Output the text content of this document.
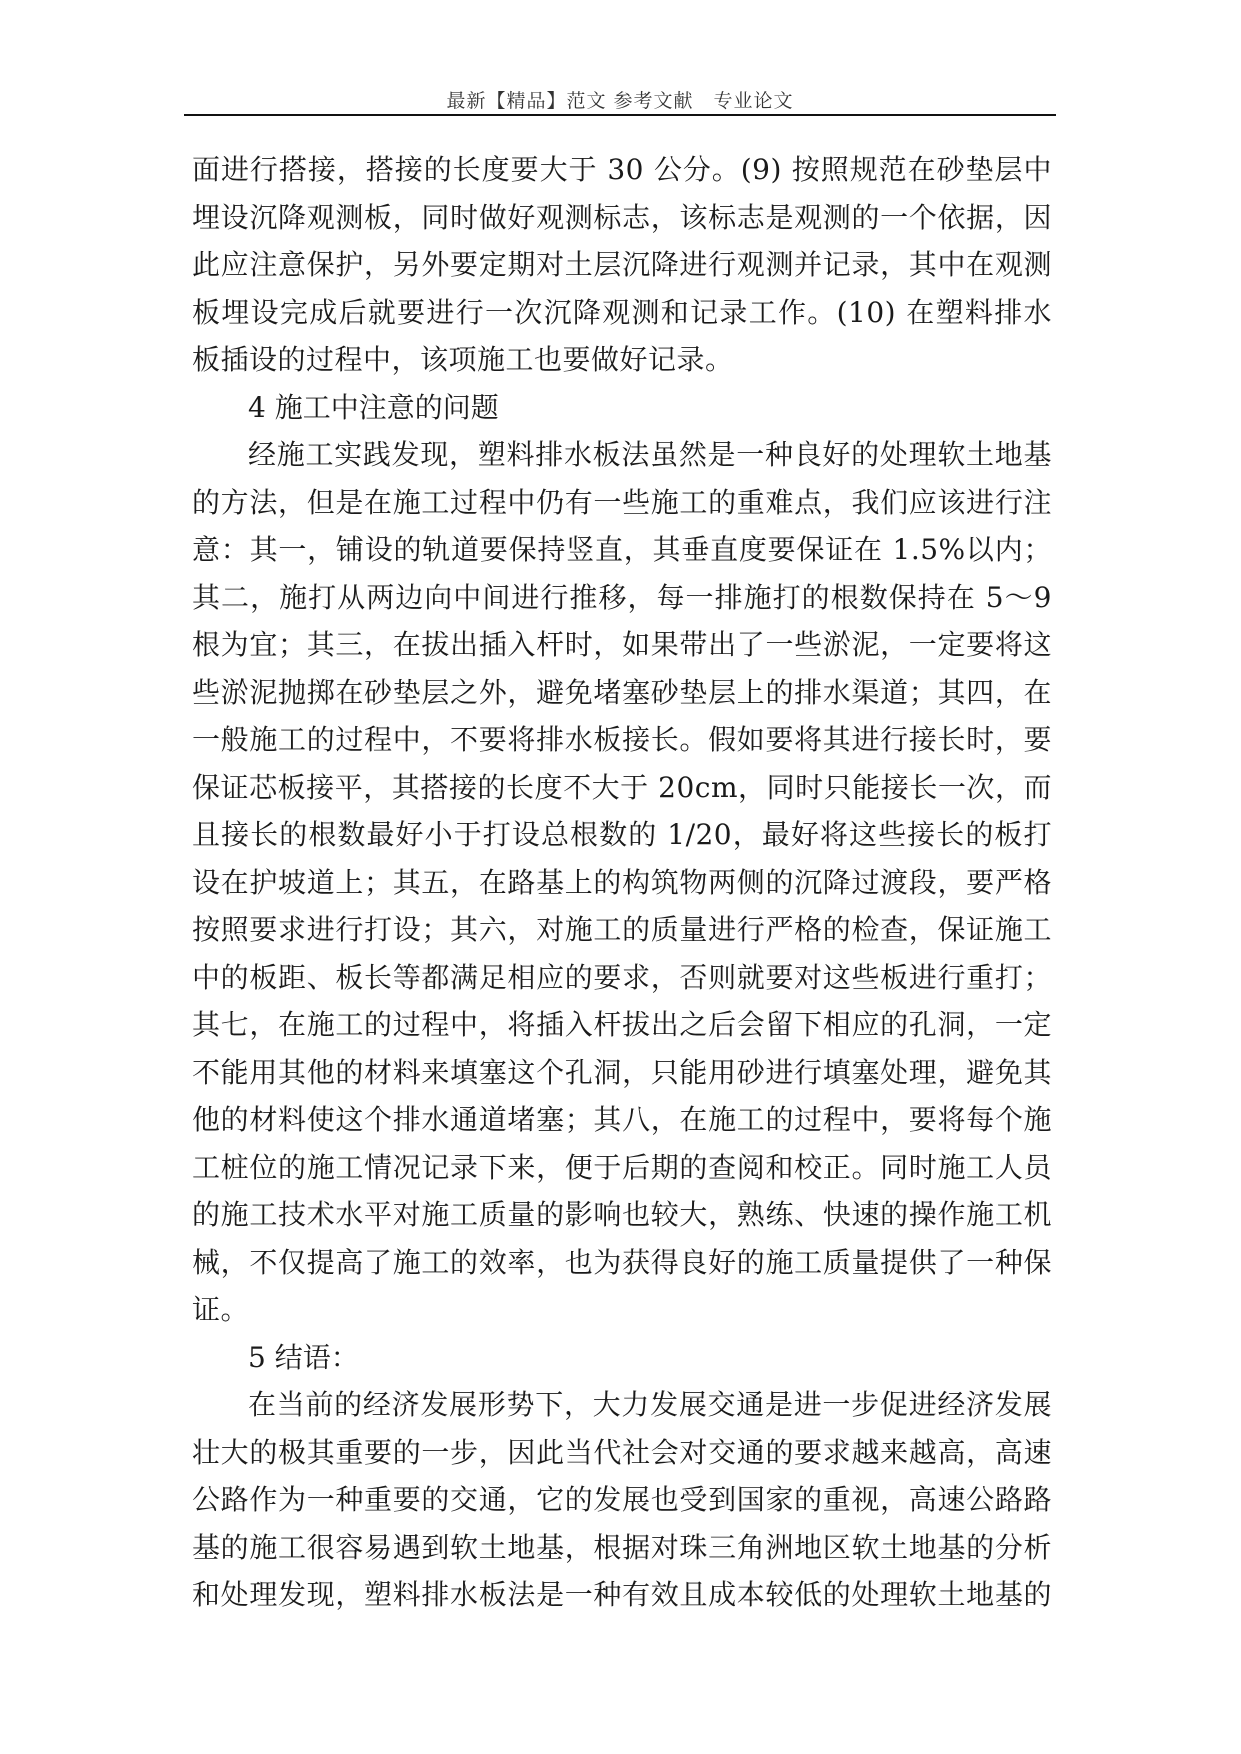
最新【精品】范文 参考文献　专业论文
面进行搭接，搭接的长度要大于 30 公分。(9) 按照规范在砂垫层中
埋设沉降观测板，同时做好观测标志，该标志是观测的一个依据，因
此应注意保护，另外要定期对土层沉降进行观测并记录，其中在观测
板埋设完成后就要进行一次沉降观测和记录工作。(10) 在塑料排水
板插设的过程中，该项施工也要做好记录。
4 施工中注意的问题
经施工实践发现，塑料排水板法虽然是一种良好的处理软土地基
的方法，但是在施工过程中仍有一些施工的重难点，我们应该进行注
意：其一，铺设的轨道要保持竖直，其垂直度要保证在 1.5%以内；
其二，施打从两边向中间进行推移，每一排施打的根数保持在 5～9
根为宜；其三，在拔出插入杆时，如果带出了一些淤泥，一定要将这
些淤泥抛掷在砂垫层之外，避免堵塞砂垫层上的排水渠道；其四，在
一般施工的过程中，不要将排水板接长。假如要将其进行接长时，要
保证芯板接平，其搭接的长度不大于 20cm，同时只能接长一次，而
且接长的根数最好小于打设总根数的 1/20，最好将这些接长的板打
设在护坡道上；其五，在路基上的构筑物两侧的沉降过渡段，要严格
按照要求进行打设；其六，对施工的质量进行严格的检查，保证施工
中的板距、板长等都满足相应的要求，否则就要对这些板进行重打；
其七，在施工的过程中，将插入杆拔出之后会留下相应的孔洞，一定
不能用其他的材料来填塞这个孔洞，只能用砂进行填塞处理，避免其
他的材料使这个排水通道堵塞；其八，在施工的过程中，要将每个施
工桩位的施工情况记录下来，便于后期的查阅和校正。同时施工人员
的施工技术水平对施工质量的影响也较大，熟练、快速的操作施工机
械，不仅提高了施工的效率，也为获得良好的施工质量提供了一种保
证。
5 结语：
在当前的经济发展形势下，大力发展交通是进一步促进经济发展
壮大的极其重要的一步，因此当代社会对交通的要求越来越高，高速
公路作为一种重要的交通，它的发展也受到国家的重视，高速公路路
基的施工很容易遇到软土地基，根据对珠三角洲地区软土地基的分析
和处理发现，塑料排水板法是一种有效且成本较低的处理软土地基的
